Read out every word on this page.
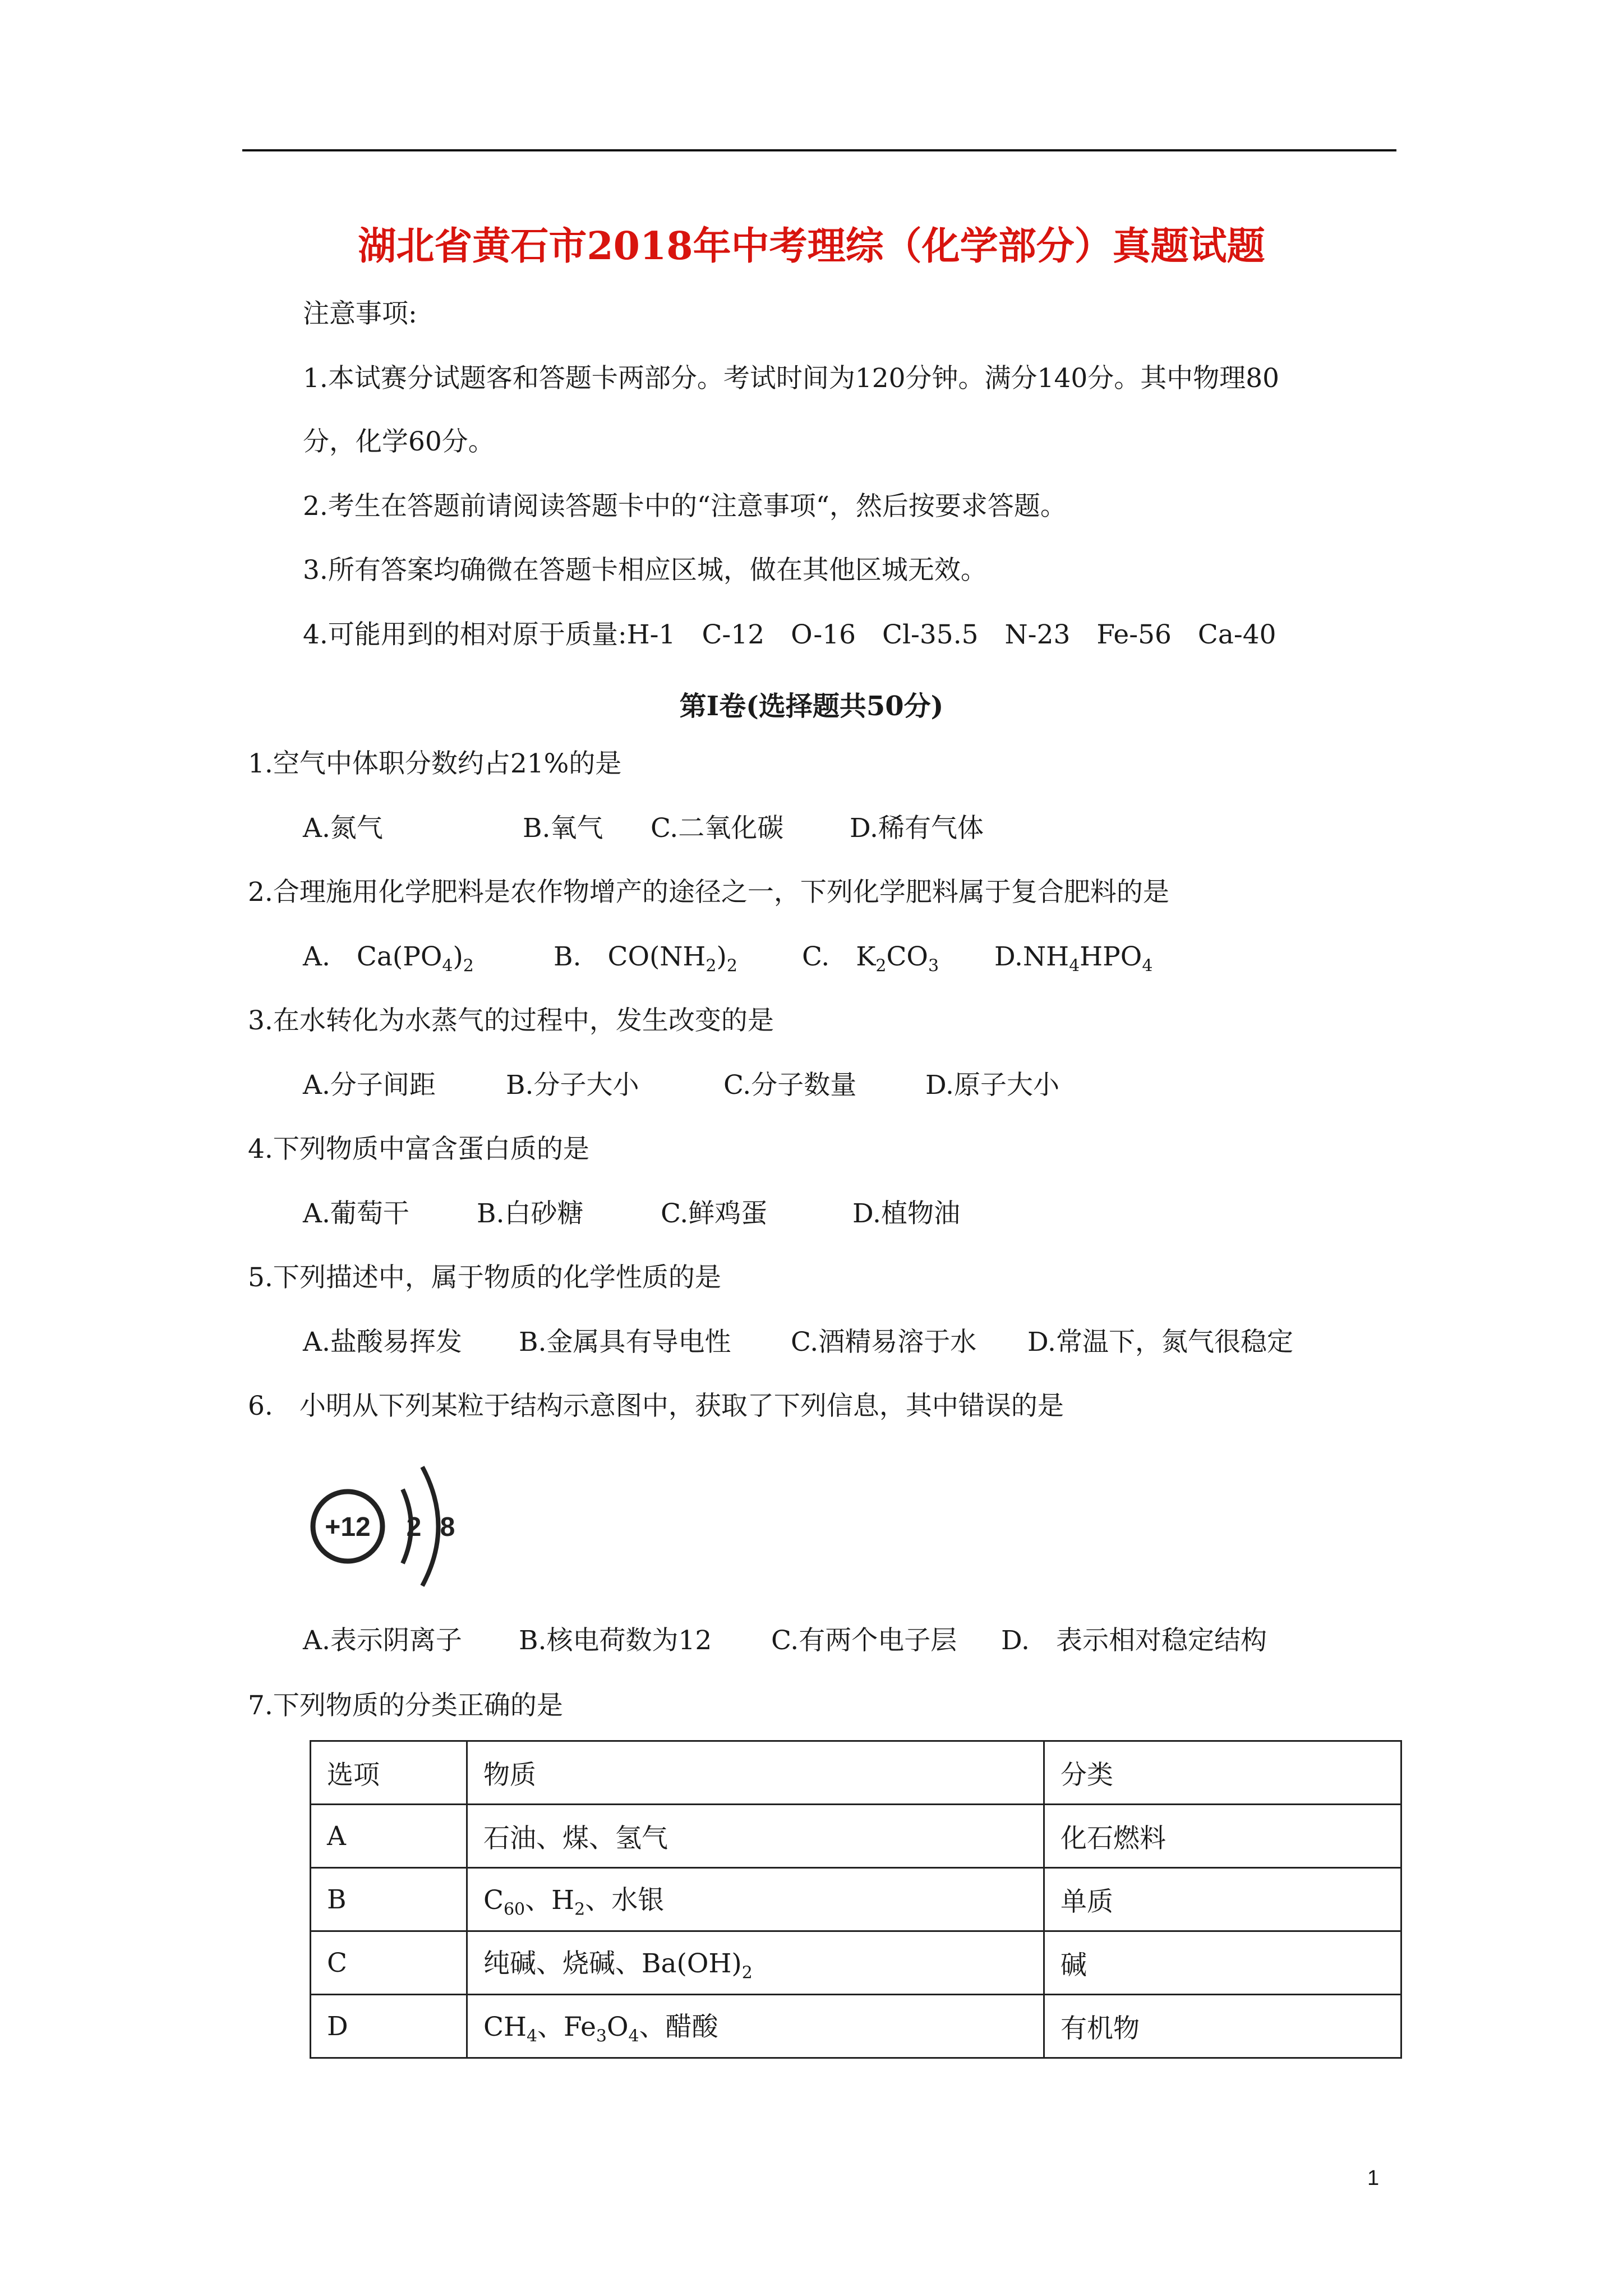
湖北省黄石市2018年中考理综（化学部分）真题试题
注意事项:
1.本试赛分试题客和答题卡两部分。考试时间为120分钟。满分140分。其中物理80
分，化学60分。
2.考生在答题前请阅读答题卡中的“注意事项“，然后按要求答题。
3.所有答案均确微在答题卡相应区城，做在其他区城无效。
4.可能用到的相对原于质量:H-1　C-12　O-16　Cl-35.5　N-23　Fe-56　Ca-40
第Ⅰ卷(选择题共50分)
1.空气中体职分数约占21%的是
A.氮气	B.氧气 C.二氧化碳	D.稀有气体
2.合理施用化学肥料是农作物增产的途径之一，下列化学肥料属于复合肥料的是
A.　$Ca(PO_4)_2$	B.　$CO(NH_2)_2$ C.　$K_2CO_3$ $D.NH_4HPO_4$
3.在水转化为水蒸气的过程中，发生改变的是
A.分子间距	B.分子大小	C.分子数量	D.原子大小
4.下列物质中富含蛋白质的是
A.葡萄干	B.白砂糖	C.鲜鸡蛋	D.植物油
5.下列描述中，属于物质的化学性质的是
A.盐酸易挥发 B.金属具有导电性 C.酒精易溶于水 D.常温下，氮气很稳定
6.　小明从下列某粒于结构示意图中，获取了下列信息，其中错误的是
+12 2 8
A.表示阴离子 B.核电荷数为12 C.有两个电子层 D.　表示相对稳定结构
7.下列物质的分类正确的是
选项	物质	分类
A	石油、煤、氢气	化石燃料
B	$C_{60}$、$H_2$、水银	单质
C	纯碱、烧碱、$Ba(OH)_2$	碱
D	$CH_4$、$Fe_3O_4$、醋酸	有机物
1
